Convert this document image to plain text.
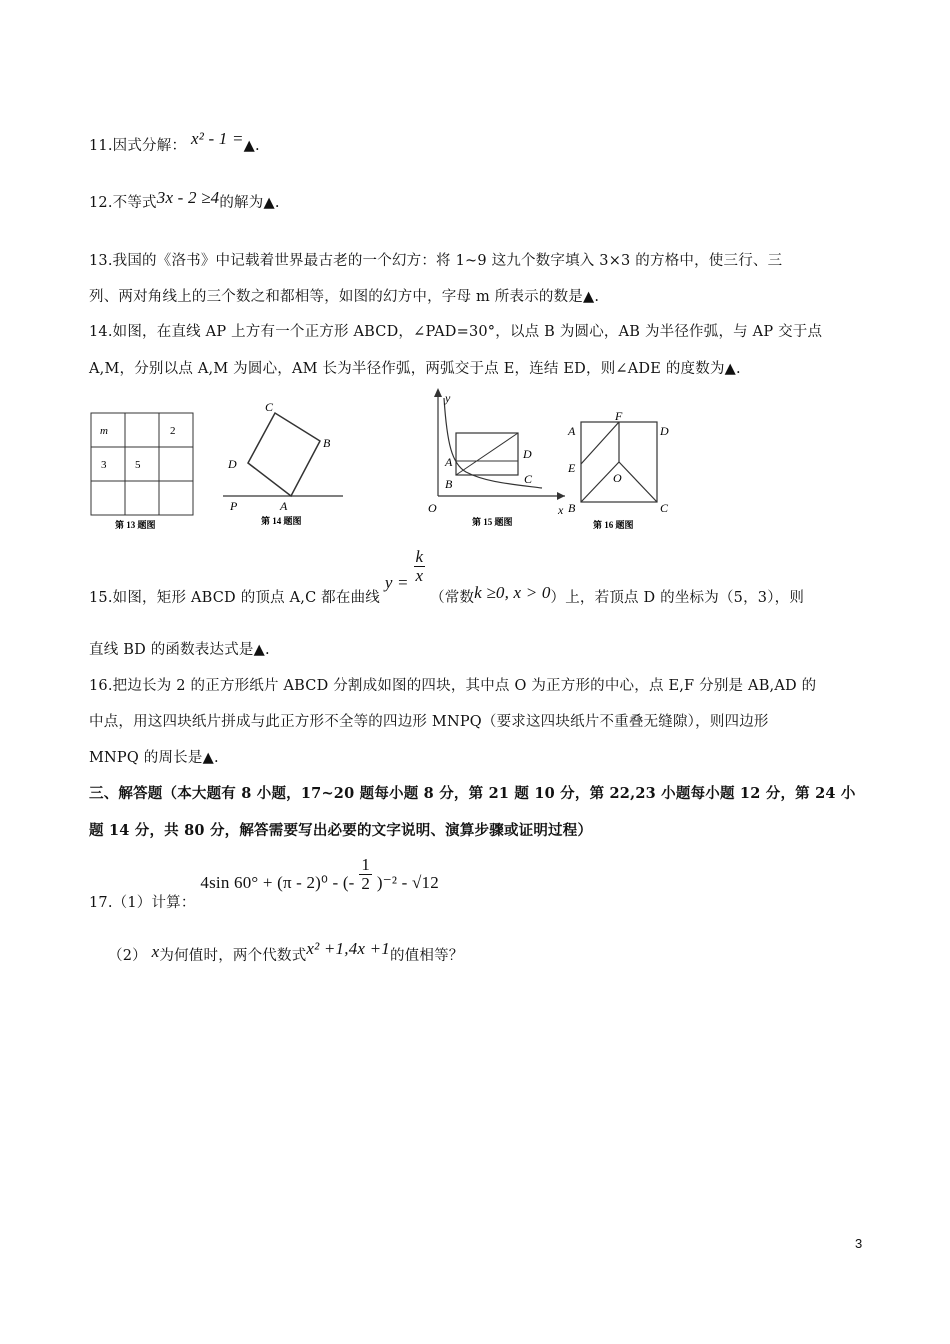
11.因式分解： x² - 1 =▲.
12.不等式3x - 2 ≥4的解为▲.
13.我国的《洛书》中记载着世界最古老的一个幻方：将 1~9 这九个数字填入 3×3 的方格中，使三行、三
列、两对角线上的三个数之和都相等，如图的幻方中，字母 m 所表示的数是▲.
14.如图，在直线 AP 上方有一个正方形 ABCD，∠PAD=30°，以点 B 为圆心，AB 为半径作弧，与 AP 交于点
A,M，分别以点 A,M 为圆心，AM 长为半径作弧，两弧交于点 E，连结 ED，则∠ADE 的度数为▲.
m	2
3	5
第 13 题图
C
B
D
P	A
第 14 题图
y
D
A
C
B
O	x
第 15 题图
A
F
D
E
O
B	C
第 16 题图
15.如图，矩形 ABCD 的顶点 A,C 都在曲线 $y = \frac{k}{x}$
（常数k ≥0, x > 0）上，若顶点 D 的坐标为（5，3），则
直线 BD 的函数表达式是▲.
16.把边长为 2 的正方形纸片 ABCD 分割成如图的四块，其中点 O 为正方形的中心，点 E,F 分别是 AB,AD 的
中点，用这四块纸片拼成与此正方形不全等的四边形 MNPQ（要求这四块纸片不重叠无缝隙），则四边形
MNPQ 的周长是▲.
三、解答题（本大题有 8 小题，17~20 题每小题 8 分，第 21 题 10 分，第 22,23 小题每小题 12 分，第 24 小
题 14 分，共 80 分，解答需要写出必要的文字说明、演算步骤或证明过程）
17.（1）计算： 4sin 60° + (π - 2)⁰ - (- $\frac{1}{2} )^{-2} - √12$
（2） x为何值时，两个代数式x² +1,4x +1的值相等？
3
